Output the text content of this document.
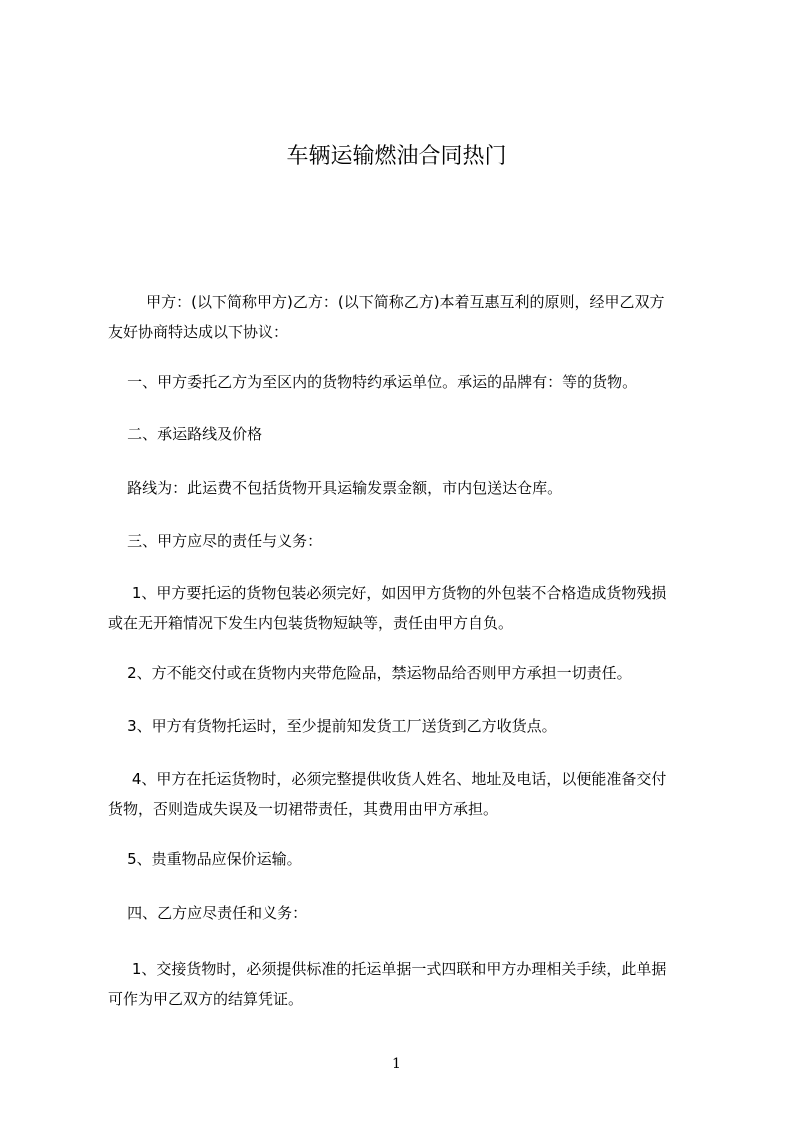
车辆运输燃油合同热门
甲方：(以下简称甲方)乙方：(以下简称乙方)本着互惠互利的原则，经甲乙双方
友好协商特达成以下协议：
一、甲方委托乙方为至区内的货物特约承运单位。承运的品牌有：等的货物。
二、承运路线及价格
路线为：此运费不包括货物开具运输发票金额，市内包送达仓库。
三、甲方应尽的责任与义务：
1、甲方要托运的货物包装必须完好，如因甲方货物的外包装不合格造成货物残损
或在无开箱情况下发生内包装货物短缺等，责任由甲方自负。
2、方不能交付或在货物内夹带危险品，禁运物品给否则甲方承担一切责任。
3、甲方有货物托运时，至少提前知发货工厂送货到乙方收货点。
4、甲方在托运货物时，必须完整提供收货人姓名、地址及电话，以便能准备交付
货物，否则造成失误及一切裙带责任，其费用由甲方承担。
5、贵重物品应保价运输。
四、乙方应尽责任和义务：
1、交接货物时，必须提供标准的托运单据一式四联和甲方办理相关手续，此单据
可作为甲乙双方的结算凭证。
1
